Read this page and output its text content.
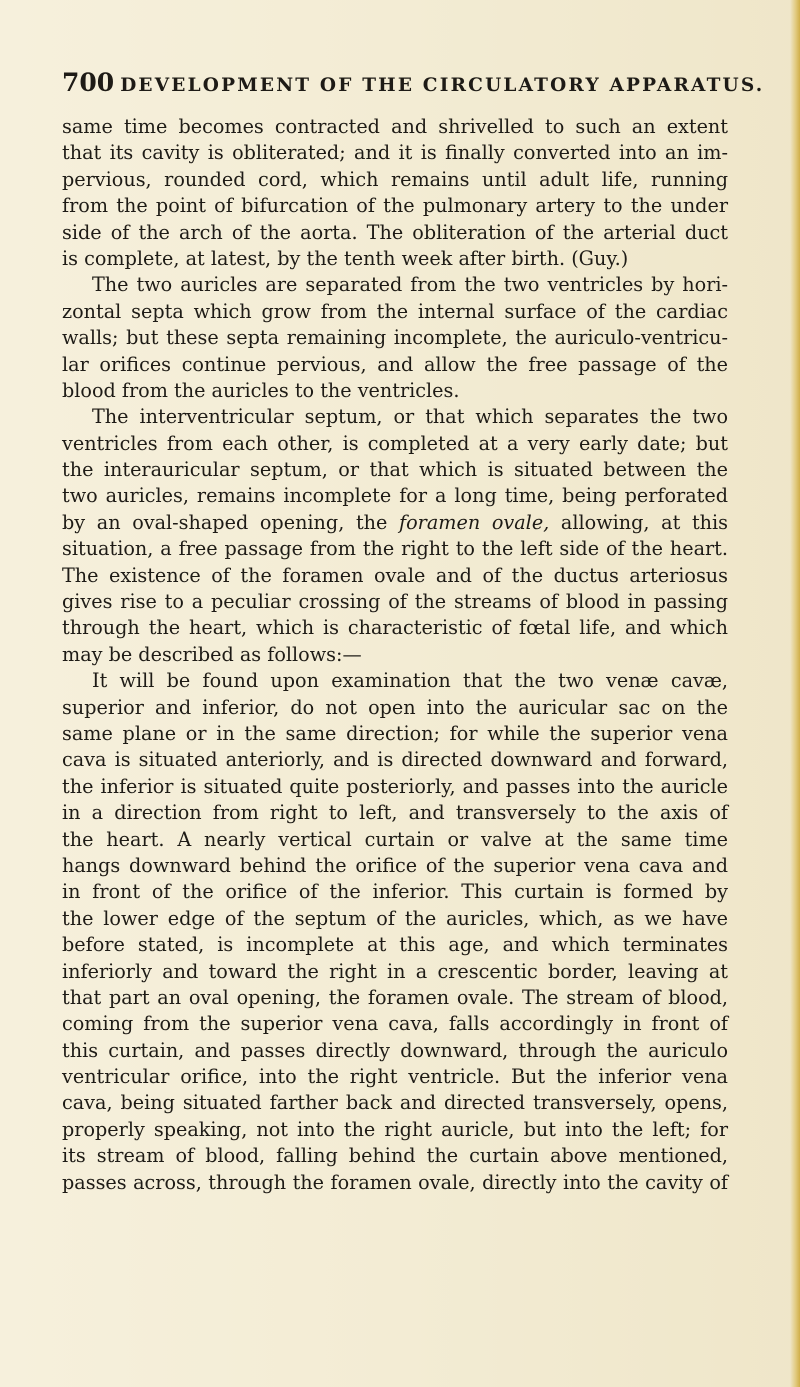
700 DEVELOPMENT OF THE CIRCULATORY APPARATUS.
same time becomes contracted and shrivelled to such an extent
that its cavity is obliterated; and it is finally converted into an im-
pervious, rounded cord, which remains until adult life, running
from the point of bifurcation of the pulmonary artery to the under
side of the arch of the aorta. The obliteration of the arterial duct
is complete, at latest, by the tenth week after birth. (Guy.)
The two auricles are separated from the two ventricles by hori-
zontal septa which grow from the internal surface of the cardiac
walls; but these septa remaining incomplete, the auriculo-ventricu-
lar orifices continue pervious, and allow the free passage of the
blood from the auricles to the ventricles.
The interventricular septum, or that which separates the two
ventricles from each other, is completed at a very early date; but
the interauricular septum, or that which is situated between the
two auricles, remains incomplete for a long time, being perforated
by an oval-shaped opening, the foramen ovale, allowing, at this
situation, a free passage from the right to the left side of the heart.
The existence of the foramen ovale and of the ductus arteriosus
gives rise to a peculiar crossing of the streams of blood in passing
through the heart, which is characteristic of fœtal life, and which
may be described as follows:—
It will be found upon examination that the two venæ cavæ,
superior and inferior, do not open into the auricular sac on the
same plane or in the same direction; for while the superior vena
cava is situated anteriorly, and is directed downward and forward,
the inferior is situated quite posteriorly, and passes into the auricle
in a direction from right to left, and transversely to the axis of
the heart. A nearly vertical curtain or valve at the same time
hangs downward behind the orifice of the superior vena cava and
in front of the orifice of the inferior. This curtain is formed by
the lower edge of the septum of the auricles, which, as we have
before stated, is incomplete at this age, and which terminates
inferiorly and toward the right in a crescentic border, leaving at
that part an oval opening, the foramen ovale. The stream of blood,
coming from the superior vena cava, falls accordingly in front of
this curtain, and passes directly downward, through the auriculo
ventricular orifice, into the right ventricle. But the inferior vena
cava, being situated farther back and directed transversely, opens,
properly speaking, not into the right auricle, but into the left; for
its stream of blood, falling behind the curtain above mentioned,
passes across, through the foramen ovale, directly into the cavity of
